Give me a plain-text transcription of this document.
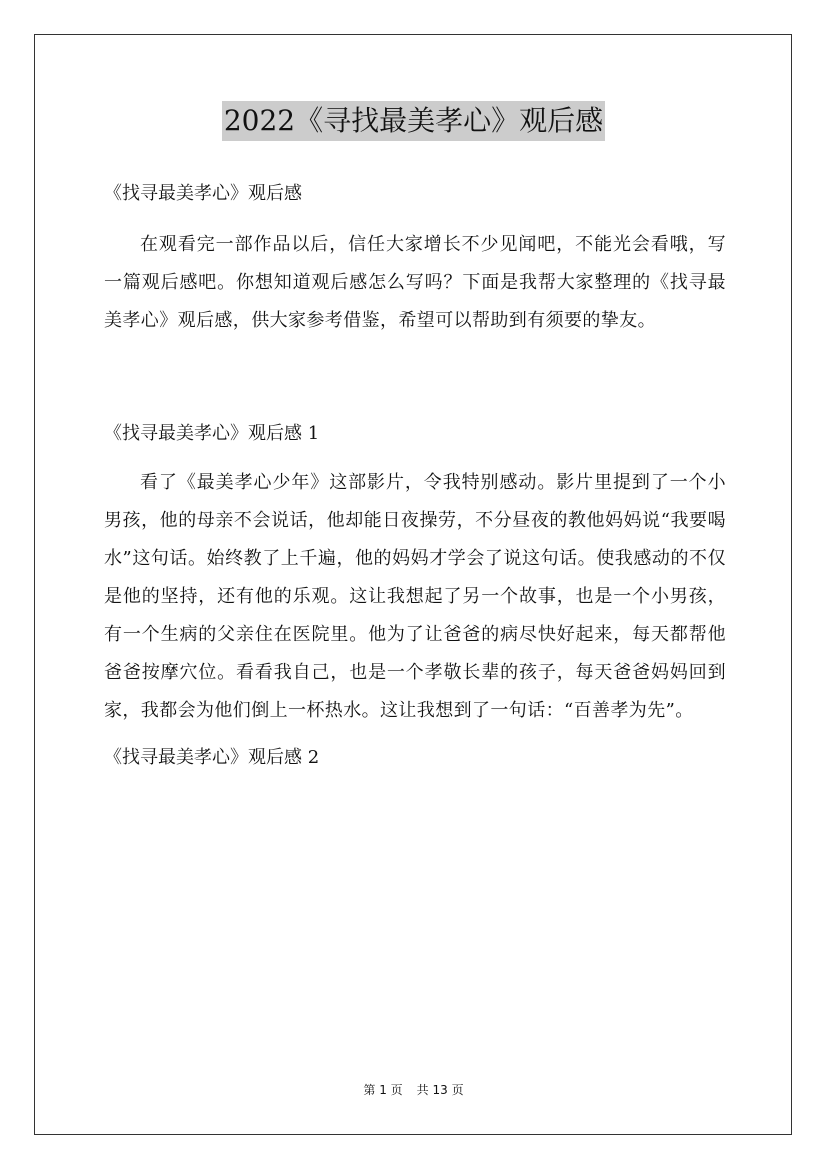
2022《寻找最美孝心》观后感

《找寻最美孝心》观后感

在观看完一部作品以后，信任大家增长不少见闻吧，不能光会看哦，写一篇观后感吧。你想知道观后感怎么写吗？下面是我帮大家整理的《找寻最美孝心》观后感，供大家参考借鉴，希望可以帮助到有须要的挚友。

《找寻最美孝心》观后感 1

看了《最美孝心少年》这部影片，令我特别感动。影片里提到了一个小男孩，他的母亲不会说话，他却能日夜操劳，不分昼夜的教他妈妈说“我要喝水”这句话。始终教了上千遍，他的妈妈才学会了说这句话。使我感动的不仅是他的坚持，还有他的乐观。这让我想起了另一个故事，也是一个小男孩，有一个生病的父亲住在医院里。他为了让爸爸的病尽快好起来，每天都帮他爸爸按摩穴位。看看我自己，也是一个孝敬长辈的孩子，每天爸爸妈妈回到家，我都会为他们倒上一杯热水。这让我想到了一句话：“百善孝为先”。

《找寻最美孝心》观后感 2

第 1 页 共 13 页
